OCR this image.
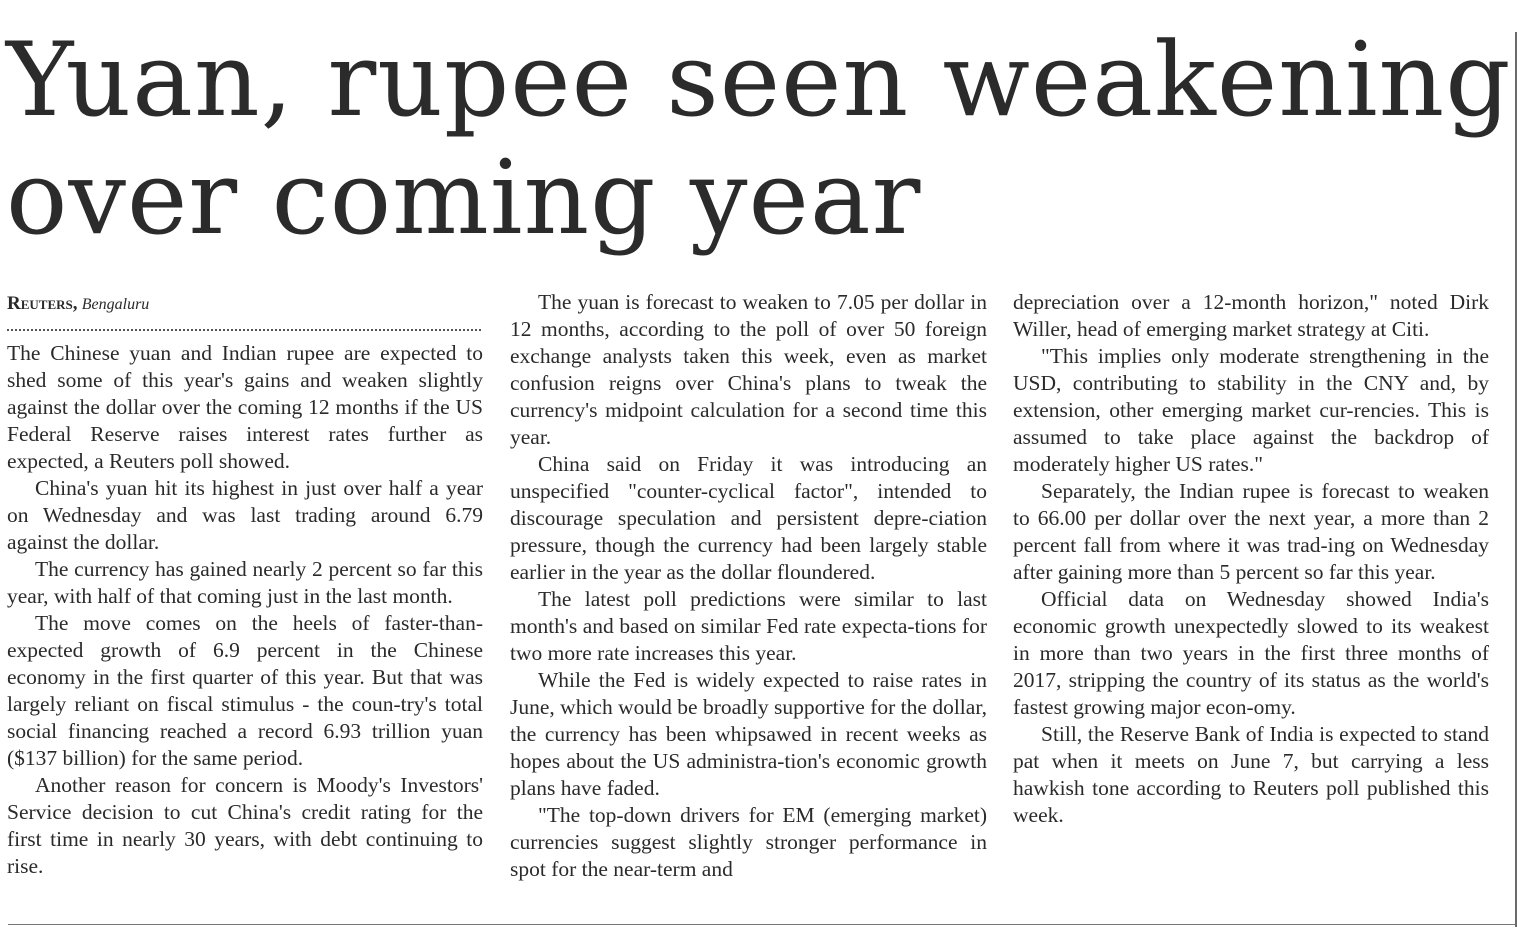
Yuan, rupee seen weakening
over coming year
Reuters, Bengaluru

The Chinese yuan and Indian rupee are expected to shed some of this year's gains and weaken slightly against the dollar over the coming 12 months if the US Federal Reserve raises interest rates further as expected, a Reuters poll showed.

China's yuan hit its highest in just over half a year on Wednesday and was last trading around 6.79 against the dollar.

The currency has gained nearly 2 percent so far this year, with half of that coming just in the last month.

The move comes on the heels of faster-than-expected growth of 6.9 percent in the Chinese economy in the first quarter of this year. But that was largely reliant on fiscal stimulus - the coun-try's total social financing reached a record 6.93 trillion yuan ($137 billion) for the same period.

Another reason for concern is Moody's Investors' Service decision to cut China's credit rating for the first time in nearly 30 years, with debt continuing to rise.

The yuan is forecast to weaken to 7.05 per dollar in 12 months, according to the poll of over 50 foreign exchange analysts taken this week, even as market confusion reigns over China's plans to tweak the currency's midpoint calculation for a second time this year.

China said on Friday it was introducing an unspecified "counter-cyclical factor", intended to discourage speculation and persistent depre-ciation pressure, though the currency had been largely stable earlier in the year as the dollar floundered.

The latest poll predictions were similar to last month's and based on similar Fed rate expecta-tions for two more rate increases this year.

While the Fed is widely expected to raise rates in June, which would be broadly supportive for the dollar, the currency has been whipsawed in recent weeks as hopes about the US administra-tion's economic growth plans have faded.

"The top-down drivers for EM (emerging market) currencies suggest slightly stronger performance in spot for the near-term and

depreciation over a 12-month horizon," noted Dirk Willer, head of emerging market strategy at Citi.

"This implies only moderate strengthening in the USD, contributing to stability in the CNY and, by extension, other emerging market cur-rencies. This is assumed to take place against the backdrop of moderately higher US rates."

Separately, the Indian rupee is forecast to weaken to 66.00 per dollar over the next year, a more than 2 percent fall from where it was trad-ing on Wednesday after gaining more than 5 percent so far this year.

Official data on Wednesday showed India's economic growth unexpectedly slowed to its weakest in more than two years in the first three months of 2017, stripping the country of its status as the world's fastest growing major econ-omy.

Still, the Reserve Bank of India is expected to stand pat when it meets on June 7, but carrying a less hawkish tone according to Reuters poll published this week.
